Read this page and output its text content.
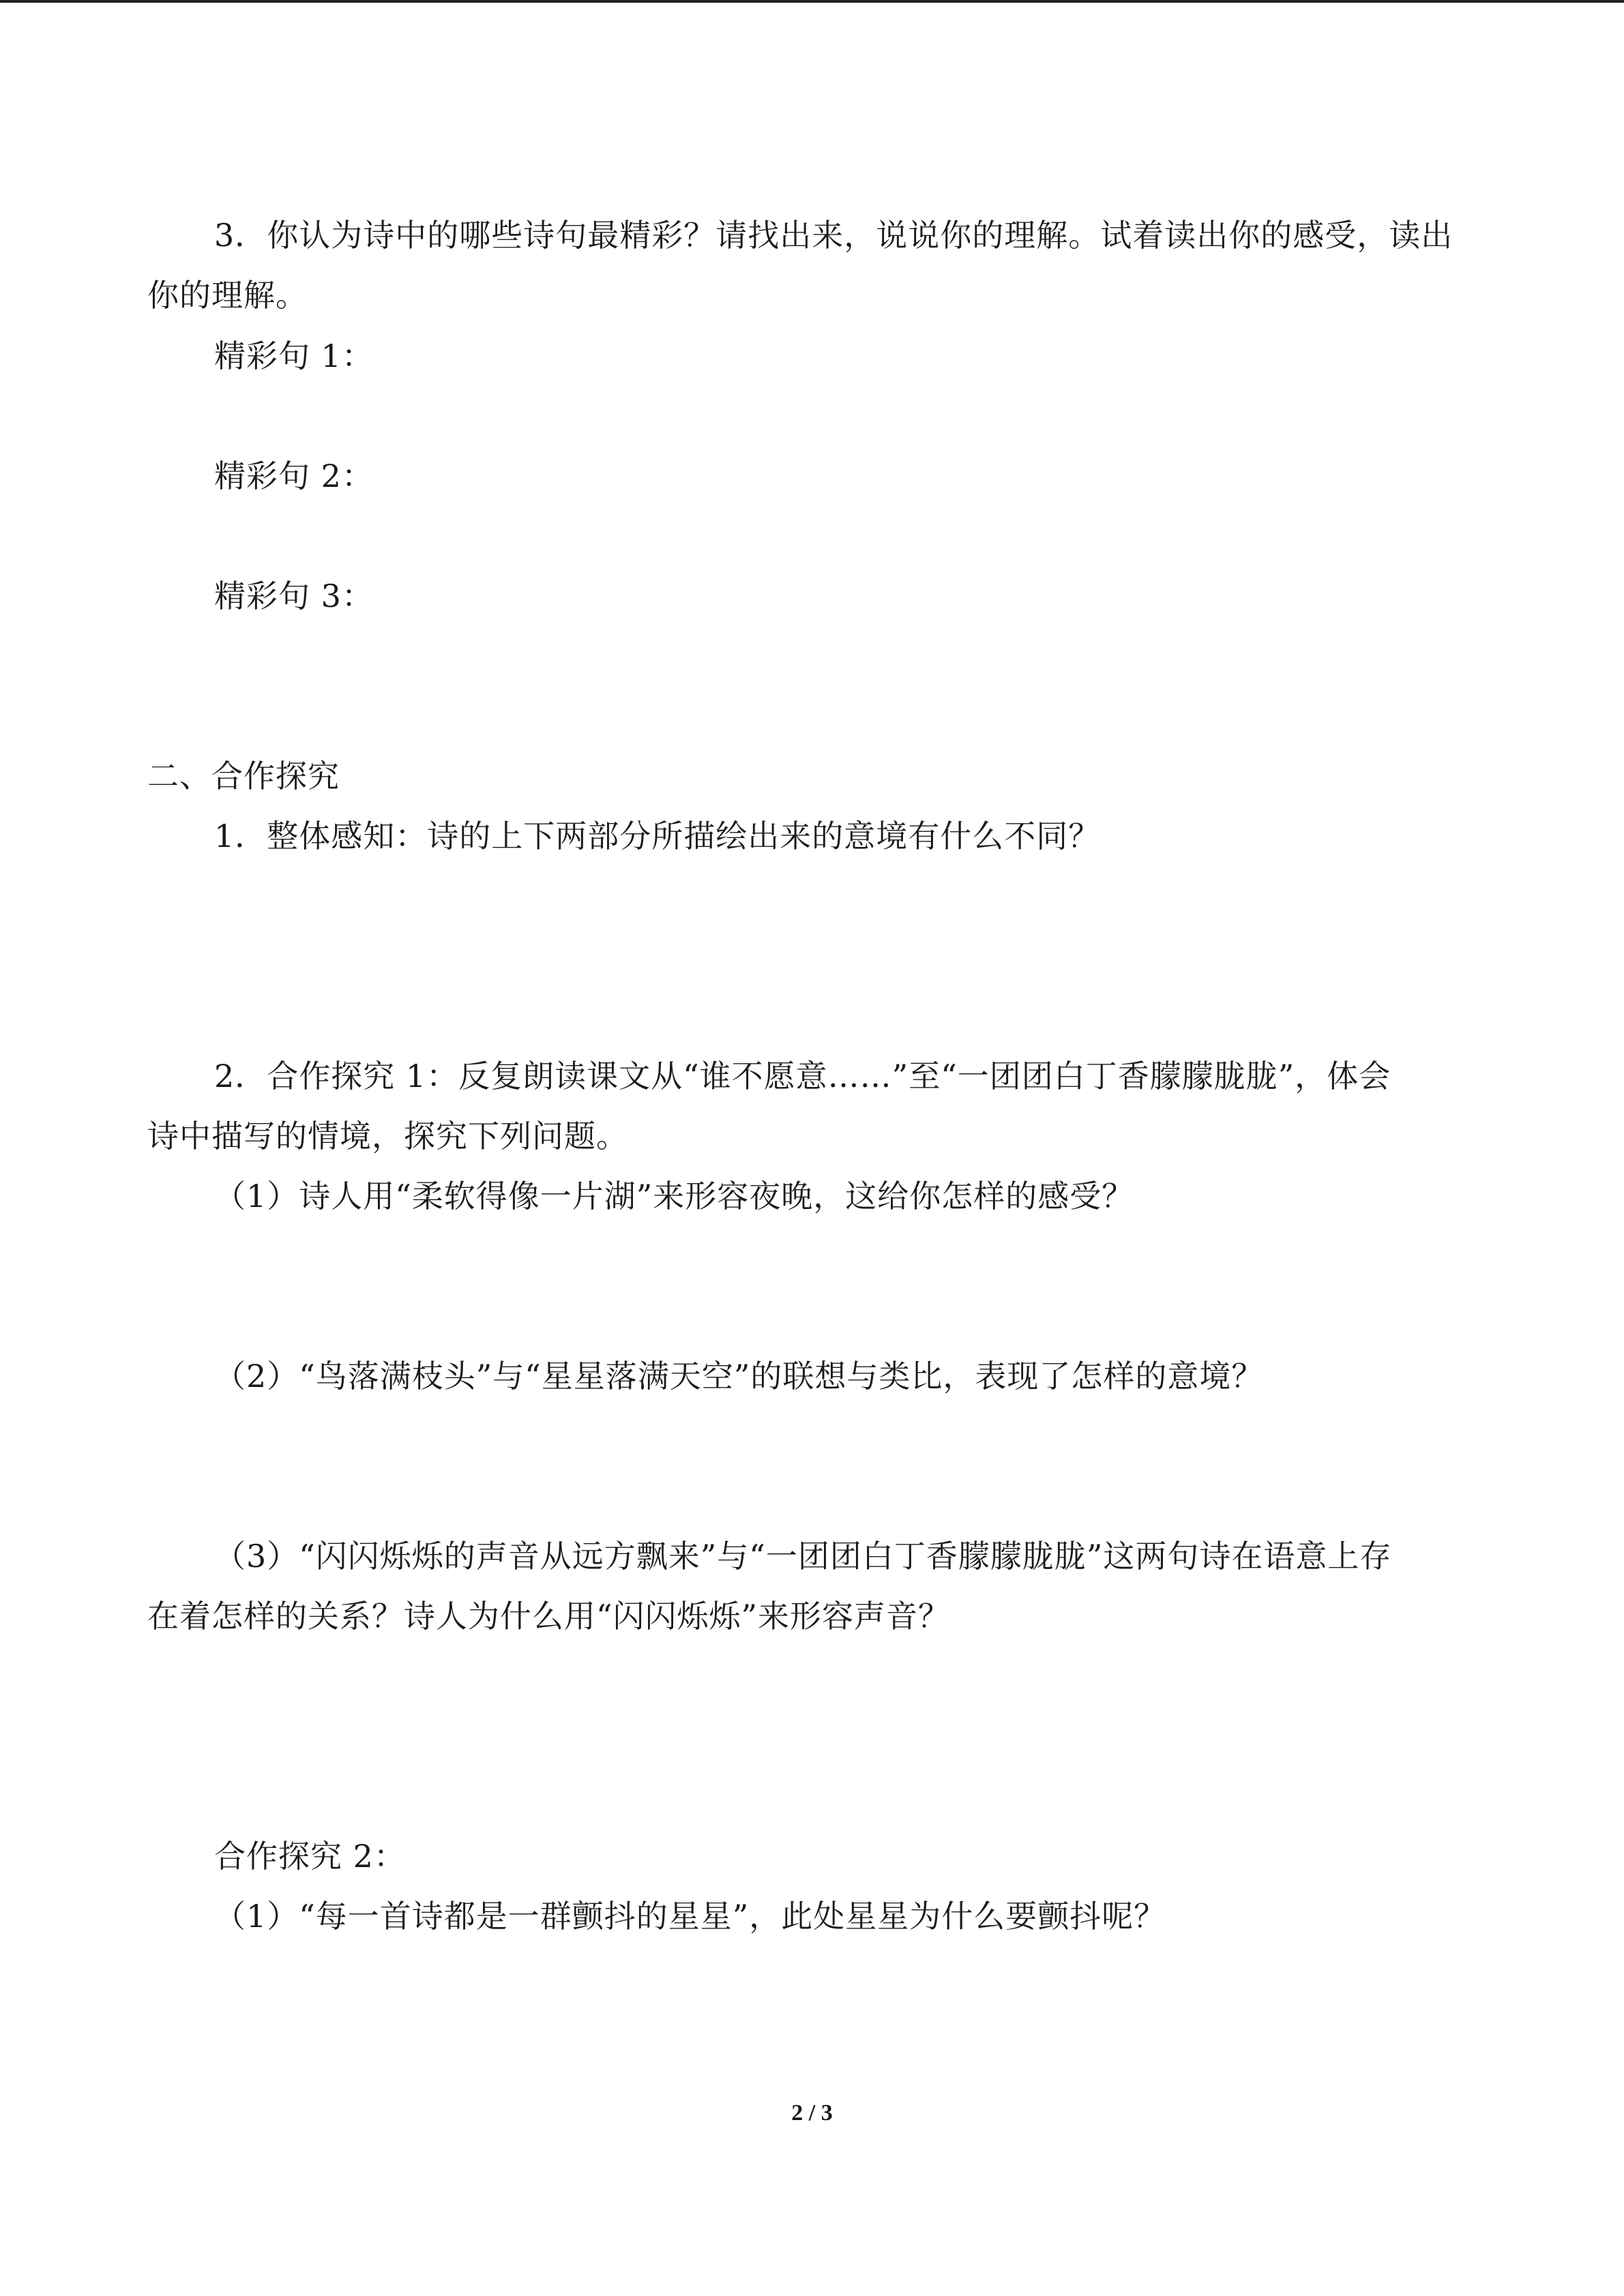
3．你认为诗中的哪些诗句最精彩？请找出来，说说你的理解。试着读出你的感受，读出
你的理解。
精彩句 1：
精彩句 2：
精彩句 3：
二、合作探究
1．整体感知：诗的上下两部分所描绘出来的意境有什么不同？
2．合作探究 1：反复朗读课文从“谁不愿意……”至“一团团白丁香朦朦胧胧”，体会
诗中描写的情境，探究下列问题。
（1）诗人用“柔软得像一片湖”来形容夜晚，这给你怎样的感受？
（2）“鸟落满枝头”与“星星落满天空”的联想与类比，表现了怎样的意境？
（3）“闪闪烁烁的声音从远方飘来”与“一团团白丁香朦朦胧胧”这两句诗在语意上存
在着怎样的关系？诗人为什么用“闪闪烁烁”来形容声音？
合作探究 2：
（1）“每一首诗都是一群颤抖的星星”，此处星星为什么要颤抖呢？
2 / 3
